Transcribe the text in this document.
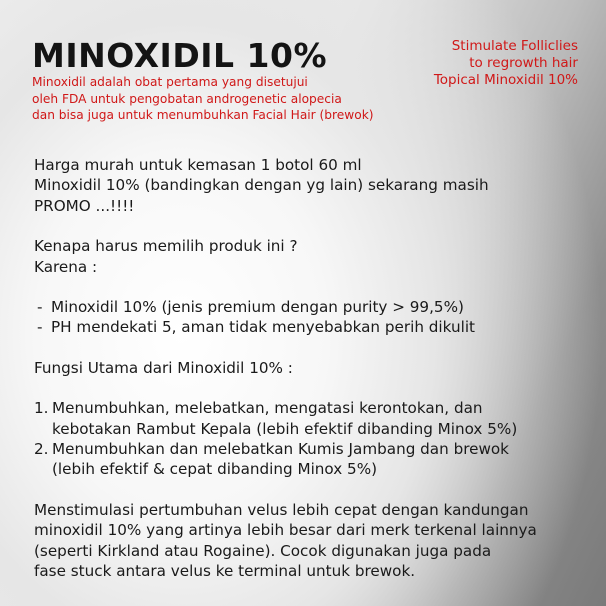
MINOXIDIL 10%	Stimulate Folliclies
to regrowth hair
Topical Minoxidil 10%
Minoxidil adalah obat pertama yang disetujui
oleh FDA untuk pengobatan androgenetic alopecia
dan bisa juga untuk menumbuhkan Facial Hair (brewok)

Harga murah untuk kemasan 1 botol 60 ml

Minoxidil 10% (bandingkan dengan yg lain) sekarang masih

PROMO ...!!!!

Kenapa harus memilih produk ini ?

Karena :

- Minoxidil 10% (jenis premium dengan purity > 99,5%)
- PH mendekati 5, aman tidak menyebabkan perih dikulit

Fungsi Utama dari Minoxidil 10% :

1. Menumbuhkan, melebatkan, mengatasi kerontokan, dan
kebotakan Rambut Kepala (lebih efektif dibanding Minox 5%)
2. Menumbuhkan dan melebatkan Kumis Jambang dan brewok
(lebih efektif & cepat dibanding Minox 5%)

Menstimulasi pertumbuhan velus lebih cepat dengan kandungan

minoxidil 10% yang artinya lebih besar dari merk terkenal lainnya

(seperti Kirkland atau Rogaine). Cocok digunakan juga pada

fase stuck antara velus ke terminal untuk brewok.
